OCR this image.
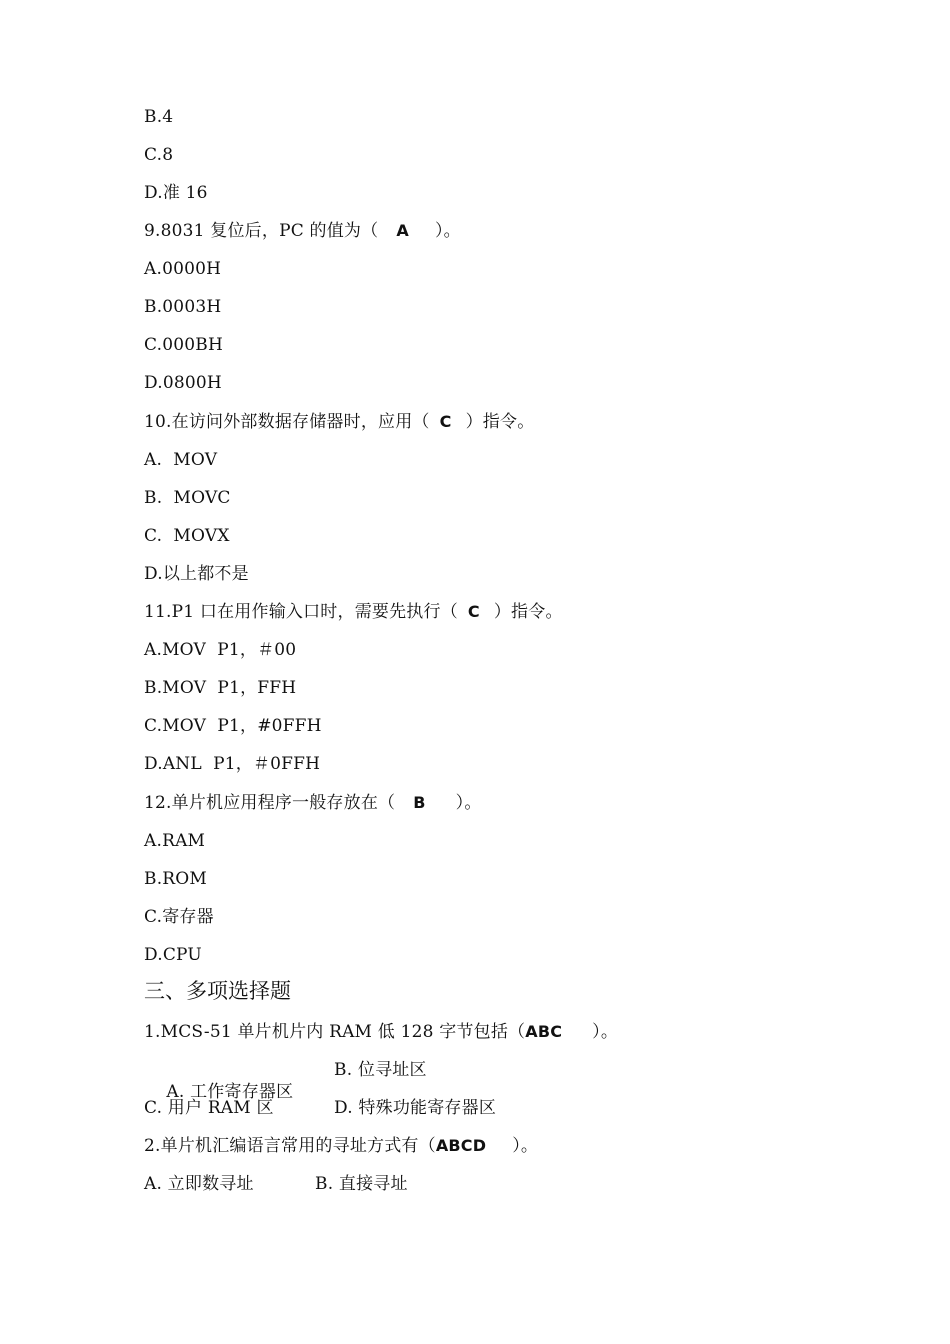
B.4
C.8
D.准 16
9.8031 复位后，PC 的值为（ A ）。
A.0000H
B.0003H
C.000BH
D.0800H
10.在访问外部数据存储器时，应用（ C ）指令。
A.  MOV
B.  MOVC
C.  MOVX
D.以上都不是
11.P1 口在用作输入口时，需要先执行（ C ）指令。
A.MOV  P1，＃00
B.MOV  P1，FFH
C.MOV  P1，#0FFH
D.ANL  P1，＃0FFH
12.单片机应用程序一般存放在（ B ）。
A.RAM
B.ROM
C.寄存器
D.CPU
三、多项选择题
1.MCS-51 单片机片内 RAM 低 128 字节包括（ABC ）。

A. 工作寄存器区

B. 位寻址区
C. 用户 RAM 区	D. 特殊功能寄存器区
2.单片机汇编语言常用的寻址方式有（ABCD ）。
A. 立即数寻址	B. 直接寻址
